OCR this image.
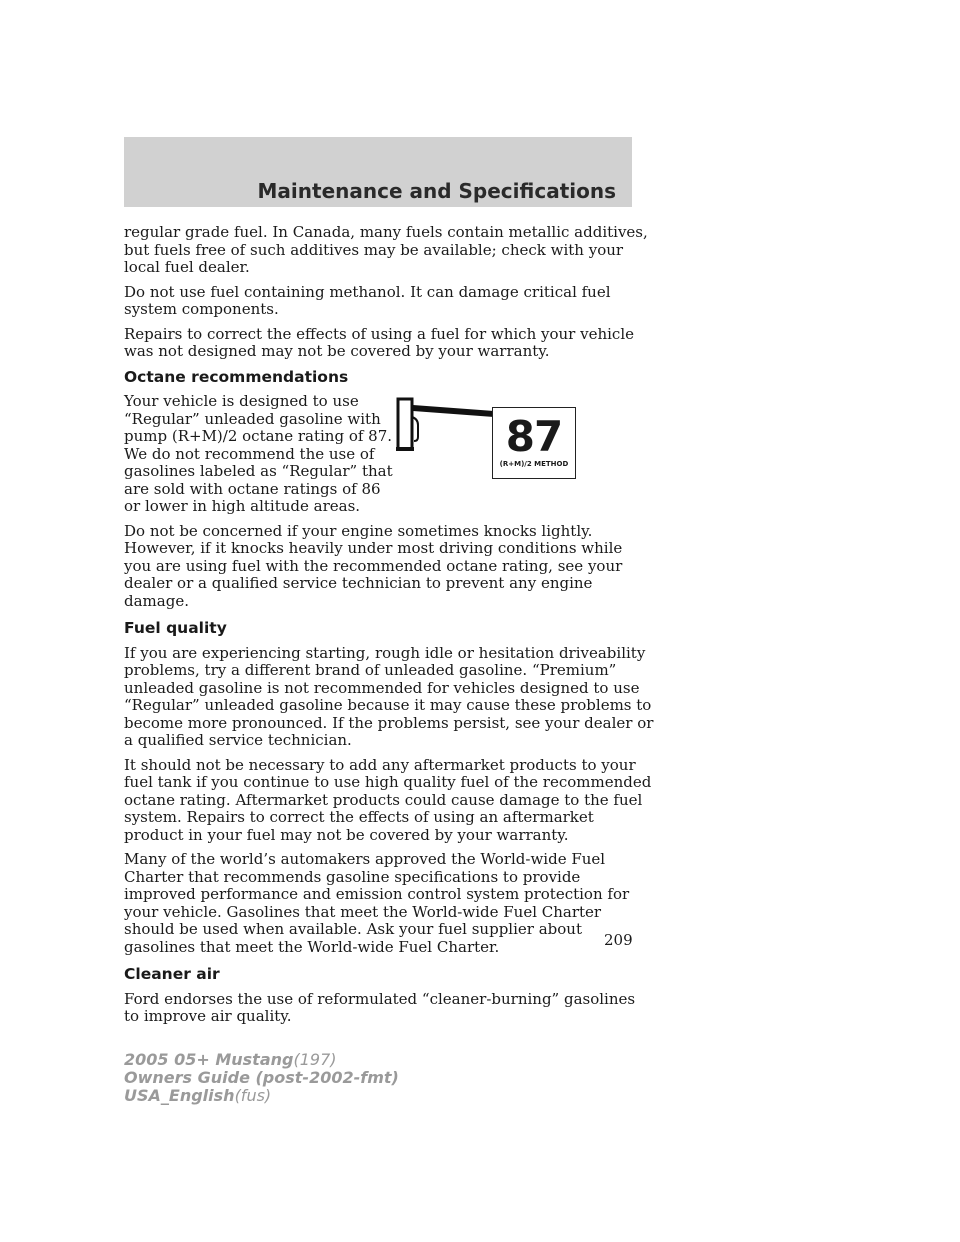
Maintenance and Specifications

regular grade fuel. In Canada, many fuels contain metallic additives, but fuels free of such additives may be available; check with your local fuel dealer.

Do not use fuel containing methanol. It can damage critical fuel system components.

Repairs to correct the effects of using a fuel for which your vehicle was not designed may not be covered by your warranty.

Octane recommendations
87
(R+M)/2 METHOD

Your vehicle is designed to use “Regular” unleaded gasoline with pump (R+M)/2 octane rating of 87. We do not recommend the use of gasolines labeled as “Regular” that are sold with octane ratings of 86 or lower in high altitude areas.

Do not be concerned if your engine sometimes knocks lightly. However, if it knocks heavily under most driving conditions while you are using fuel with the recommended octane rating, see your dealer or a qualified service technician to prevent any engine damage.

Fuel quality

If you are experiencing starting, rough idle or hesitation driveability problems, try a different brand of unleaded gasoline. “Premium” unleaded gasoline is not recommended for vehicles designed to use “Regular” unleaded gasoline because it may cause these problems to become more pronounced. If the problems persist, see your dealer or a qualified service technician.

It should not be necessary to add any aftermarket products to your fuel tank if you continue to use high quality fuel of the recommended octane rating. Aftermarket products could cause damage to the fuel system. Repairs to correct the effects of using an aftermarket product in your fuel may not be covered by your warranty.

Many of the world’s automakers approved the World-wide Fuel Charter that recommends gasoline specifications to provide improved performance and emission control system protection for your vehicle. Gasolines that meet the World-wide Fuel Charter should be used when available. Ask your fuel supplier about gasolines that meet the World-wide Fuel Charter.

Cleaner air

Ford endorses the use of reformulated “cleaner-burning” gasolines to improve air quality.

209
2005 05+ Mustang(197)
Owners Guide (post-2002-fmt)
USA_English(fus)
